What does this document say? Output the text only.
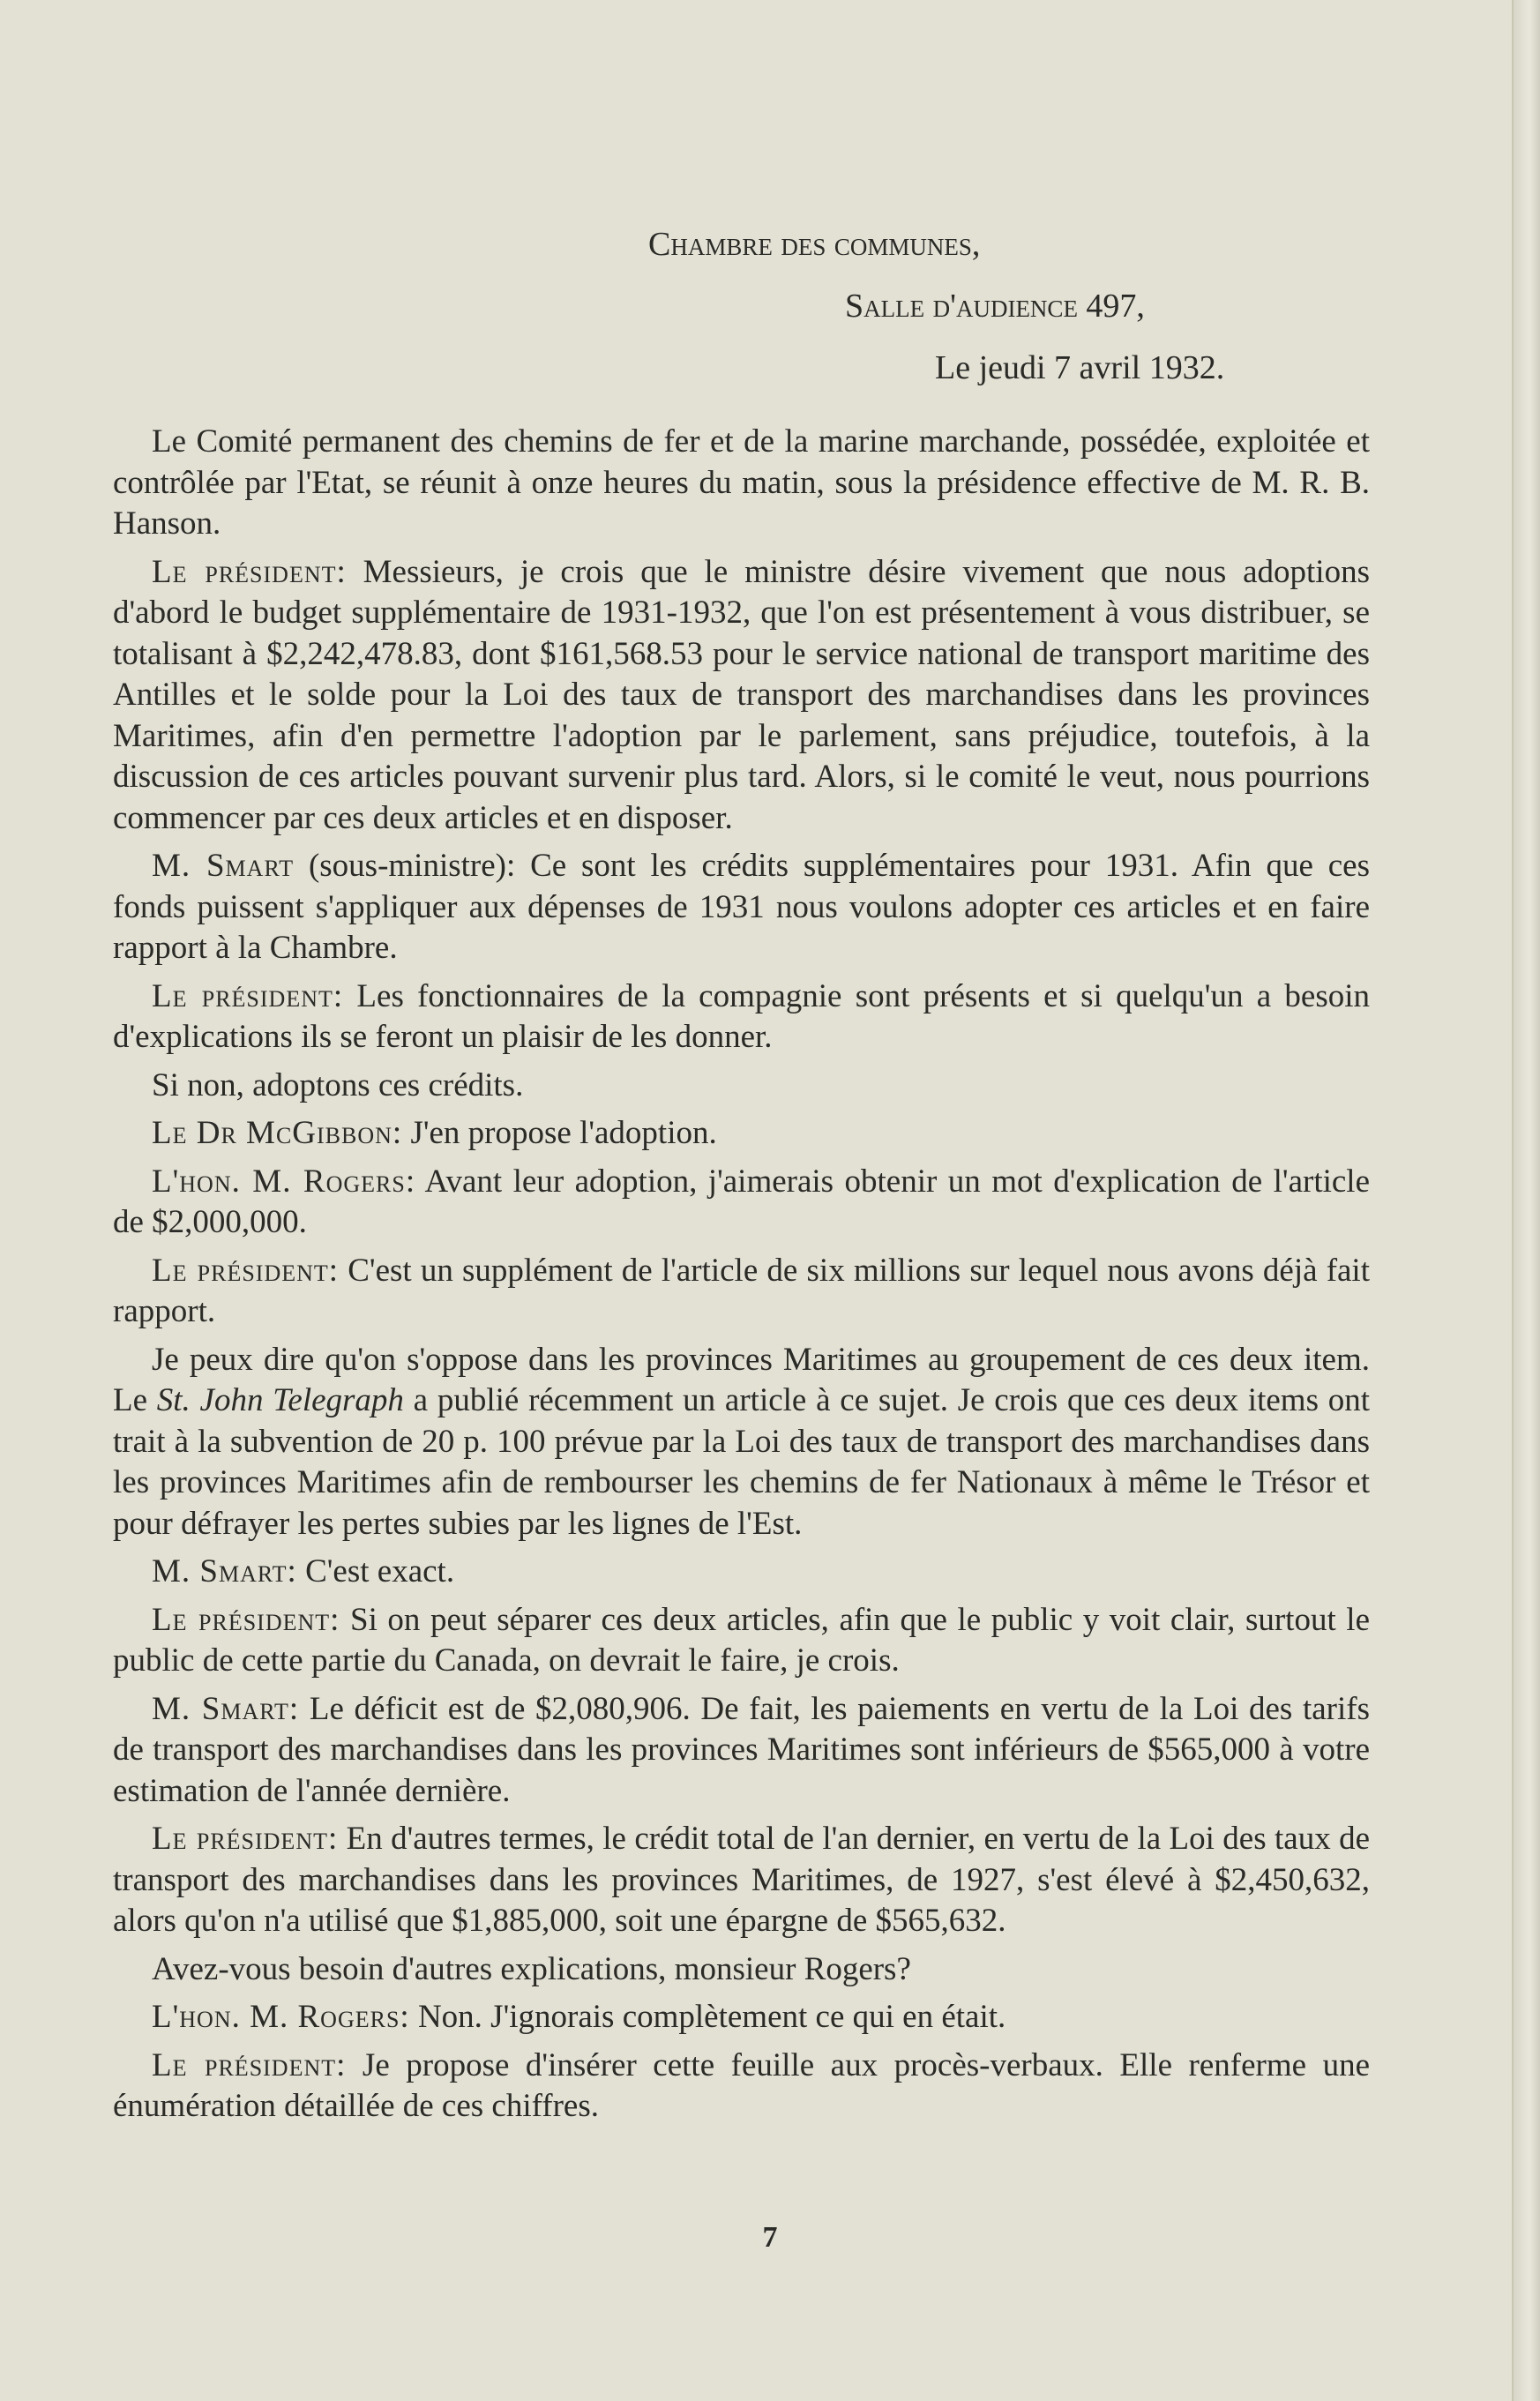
Chambre des communes,
Salle d'audience 497,
Le jeudi 7 avril 1932.

Le Comité permanent des chemins de fer et de la marine marchande, possédée, exploitée et contrôlée par l'Etat, se réunit à onze heures du matin, sous la présidence effective de M. R. B. Hanson.

Le président: Messieurs, je crois que le ministre désire vivement que nous adoptions d'abord le budget supplémentaire de 1931-1932, que l'on est présentement à vous distribuer, se totalisant à $2,242,478.83, dont $161,568.53 pour le service national de transport maritime des Antilles et le solde pour la Loi des taux de transport des marchandises dans les provinces Maritimes, afin d'en permettre l'adoption par le parlement, sans préjudice, toutefois, à la discussion de ces articles pouvant survenir plus tard. Alors, si le comité le veut, nous pourrions commencer par ces deux articles et en disposer.

M. Smart (sous-ministre): Ce sont les crédits supplémentaires pour 1931. Afin que ces fonds puissent s'appliquer aux dépenses de 1931 nous voulons adopter ces articles et en faire rapport à la Chambre.

Le président: Les fonctionnaires de la compagnie sont présents et si quelqu'un a besoin d'explications ils se feront un plaisir de les donner.

Si non, adoptons ces crédits.

Le Dr McGibbon: J'en propose l'adoption.

L'hon. M. Rogers: Avant leur adoption, j'aimerais obtenir un mot d'explication de l'article de $2,000,000.

Le président: C'est un supplément de l'article de six millions sur lequel nous avons déjà fait rapport.

Je peux dire qu'on s'oppose dans les provinces Maritimes au groupement de ces deux item. Le St. John Telegraph a publié récemment un article à ce sujet. Je crois que ces deux items ont trait à la subvention de 20 p. 100 prévue par la Loi des taux de transport des marchandises dans les provinces Maritimes afin de rembourser les chemins de fer Nationaux à même le Trésor et pour défrayer les pertes subies par les lignes de l'Est.

M. Smart: C'est exact.

Le président: Si on peut séparer ces deux articles, afin que le public y voit clair, surtout le public de cette partie du Canada, on devrait le faire, je crois.

M. Smart: Le déficit est de $2,080,906. De fait, les paiements en vertu de la Loi des tarifs de transport des marchandises dans les provinces Maritimes sont inférieurs de $565,000 à votre estimation de l'année dernière.

Le président: En d'autres termes, le crédit total de l'an dernier, en vertu de la Loi des taux de transport des marchandises dans les provinces Maritimes, de 1927, s'est élevé à $2,450,632, alors qu'on n'a utilisé que $1,885,000, soit une épargne de $565,632.

Avez-vous besoin d'autres explications, monsieur Rogers?

L'hon. M. Rogers: Non. J'ignorais complètement ce qui en était.

Le président: Je propose d'insérer cette feuille aux procès-verbaux. Elle renferme une énumération détaillée de ces chiffres.

7
